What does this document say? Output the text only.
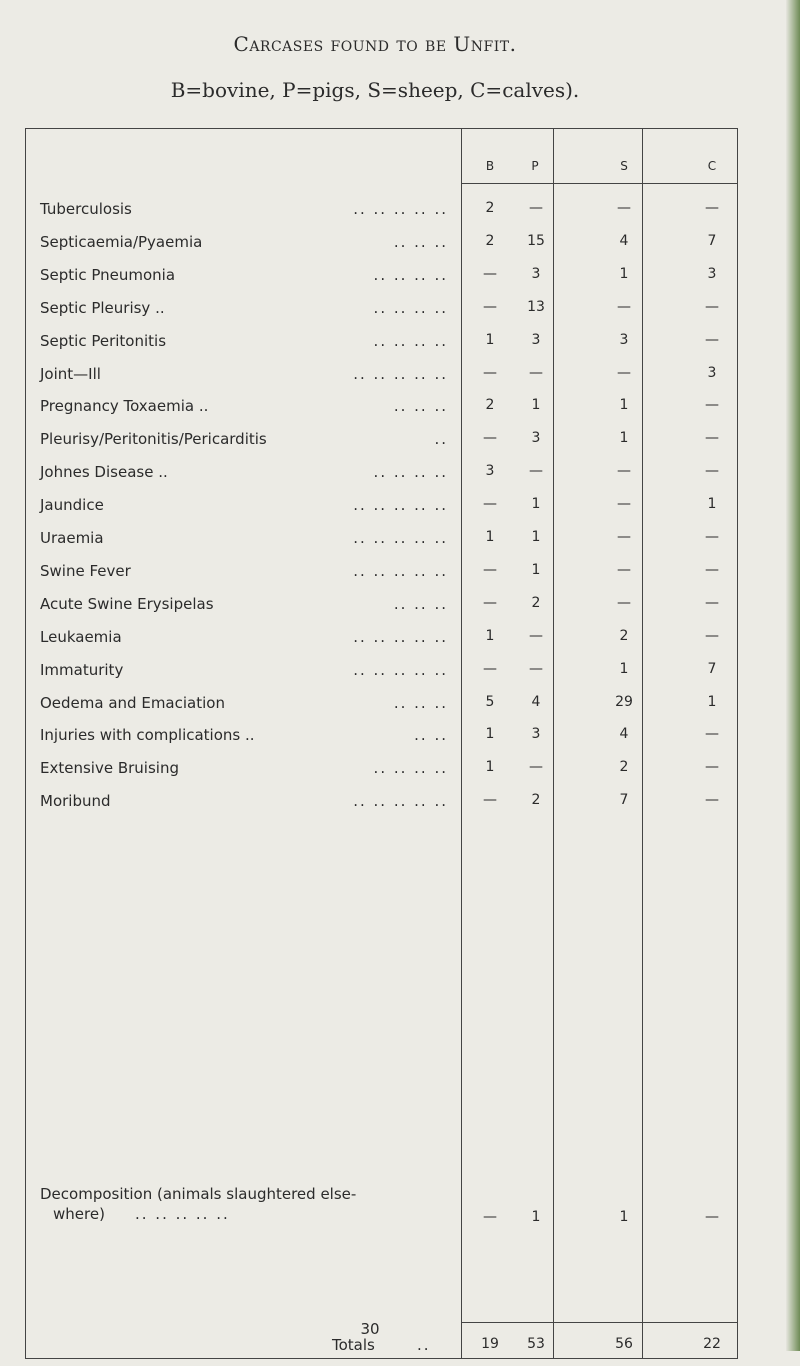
Carcases found to be Unfit.
B=bovine, P=pigs, S=sheep, C=calves).
B	P	S	C
Tuberculosis	.. .. .. .. ..	2	—	—	—
Septicaemia/Pyaemia	.. .. ..	2	15	4	7
Septic Pneumonia	.. .. .. ..	—	3	1	3
Septic Pleurisy ..	.. .. .. ..	—	13	—	—
Septic Peritonitis	.. .. .. ..	1	3	3	—
Joint—Ill	.. .. .. .. ..	—	—	—	3
Pregnancy Toxaemia ..	.. .. ..	2	1	1	—
Pleurisy/Peritonitis/Pericarditis	..	—	3	1	—
Johnes Disease ..	.. .. .. ..	3	—	—	—
Jaundice	.. .. .. .. ..	—	1	—	1
Uraemia	.. .. .. .. ..	1	1	—	—
Swine Fever	.. .. .. .. ..	—	1	—	—
Acute Swine Erysipelas	.. .. ..	—	2	—	—
Leukaemia	.. .. .. .. ..	1	—	2	—
Immaturity	.. .. .. .. ..	—	—	1	7
Oedema and Emaciation	.. .. ..	5	4	29	1
Injuries with complications ..	.. ..	1	3	4	—
Extensive Bruising	.. .. .. ..	1	—	2	—
Moribund	.. .. .. .. ..	—	2	7	—
Decomposition (animals slaughtered else-
where) .. .. .. .. ..	—	1	1	—
Totals	..	19	53	56	22
30
